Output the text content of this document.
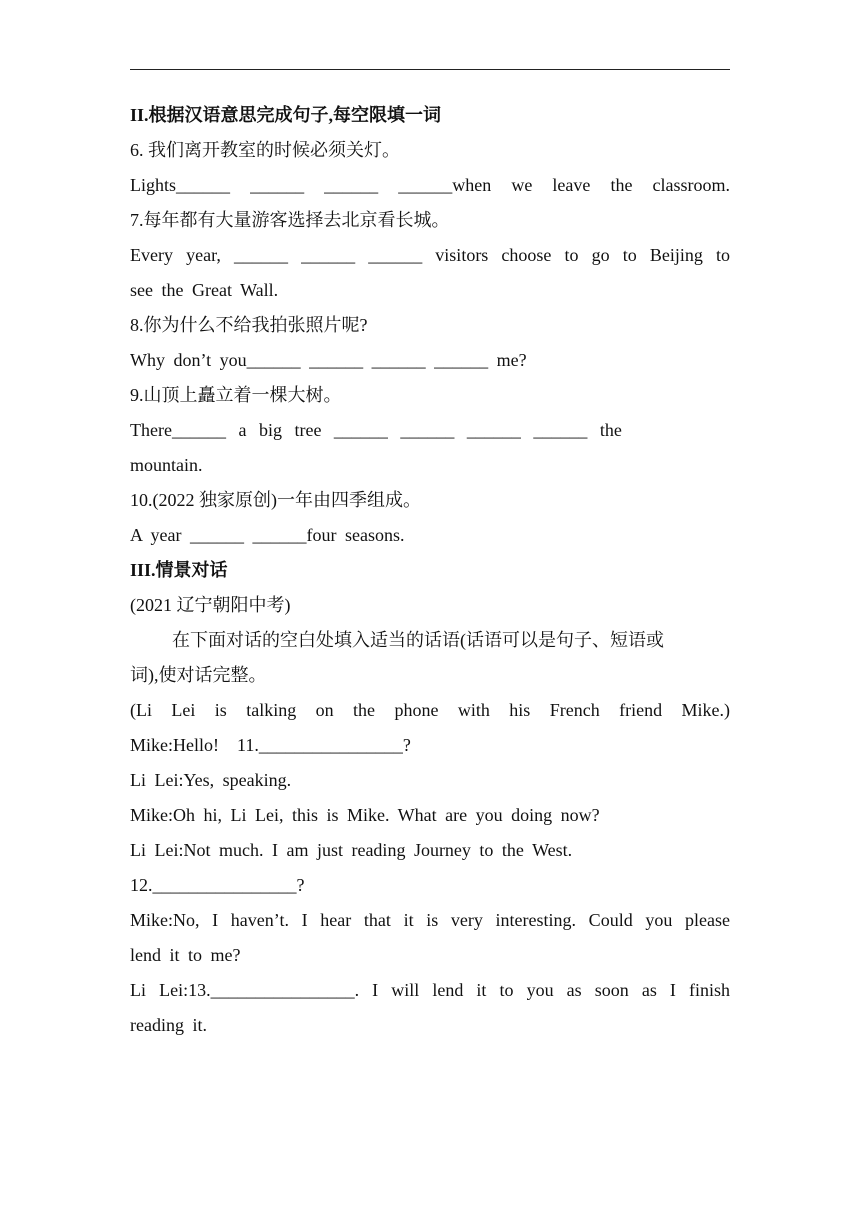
II.根据汉语意思完成句子,每空限填一词
6. 我们离开教室的时候必须关灯。
Lights______ ______ ______ ______when we leave the classroom.
7.每年都有大量游客选择去北京看长城。
Every year, ______ ______ ______ visitors choose to go to Beijing to
see the Great Wall.
8.你为什么不给我拍张照片呢?
Why don’t you______ ______ ______ ______ me?
9.山顶上矗立着一棵大树。
There______ a big tree ______ ______ ______ ______ the
mountain.
10.(2022 独家原创)一年由四季组成。
A year ______ ______four seasons.
III.情景对话
(2021 辽宁朝阳中考)
在下面对话的空白处填入适当的话语(话语可以是句子、短语或
词),使对话完整。
(Li Lei is talking on the phone with his French friend Mike.)
Mike:Hello!    11.________________?
Li Lei:Yes, speaking.
Mike:Oh hi, Li Lei, this is Mike. What are you doing now?
Li Lei:Not much. I am just reading Journey to the West.
12.________________?
Mike:No, I haven’t. I hear that it is very interesting. Could you please
lend it to me?
Li Lei:13.________________. I will lend it to you as soon as I finish
reading it.
